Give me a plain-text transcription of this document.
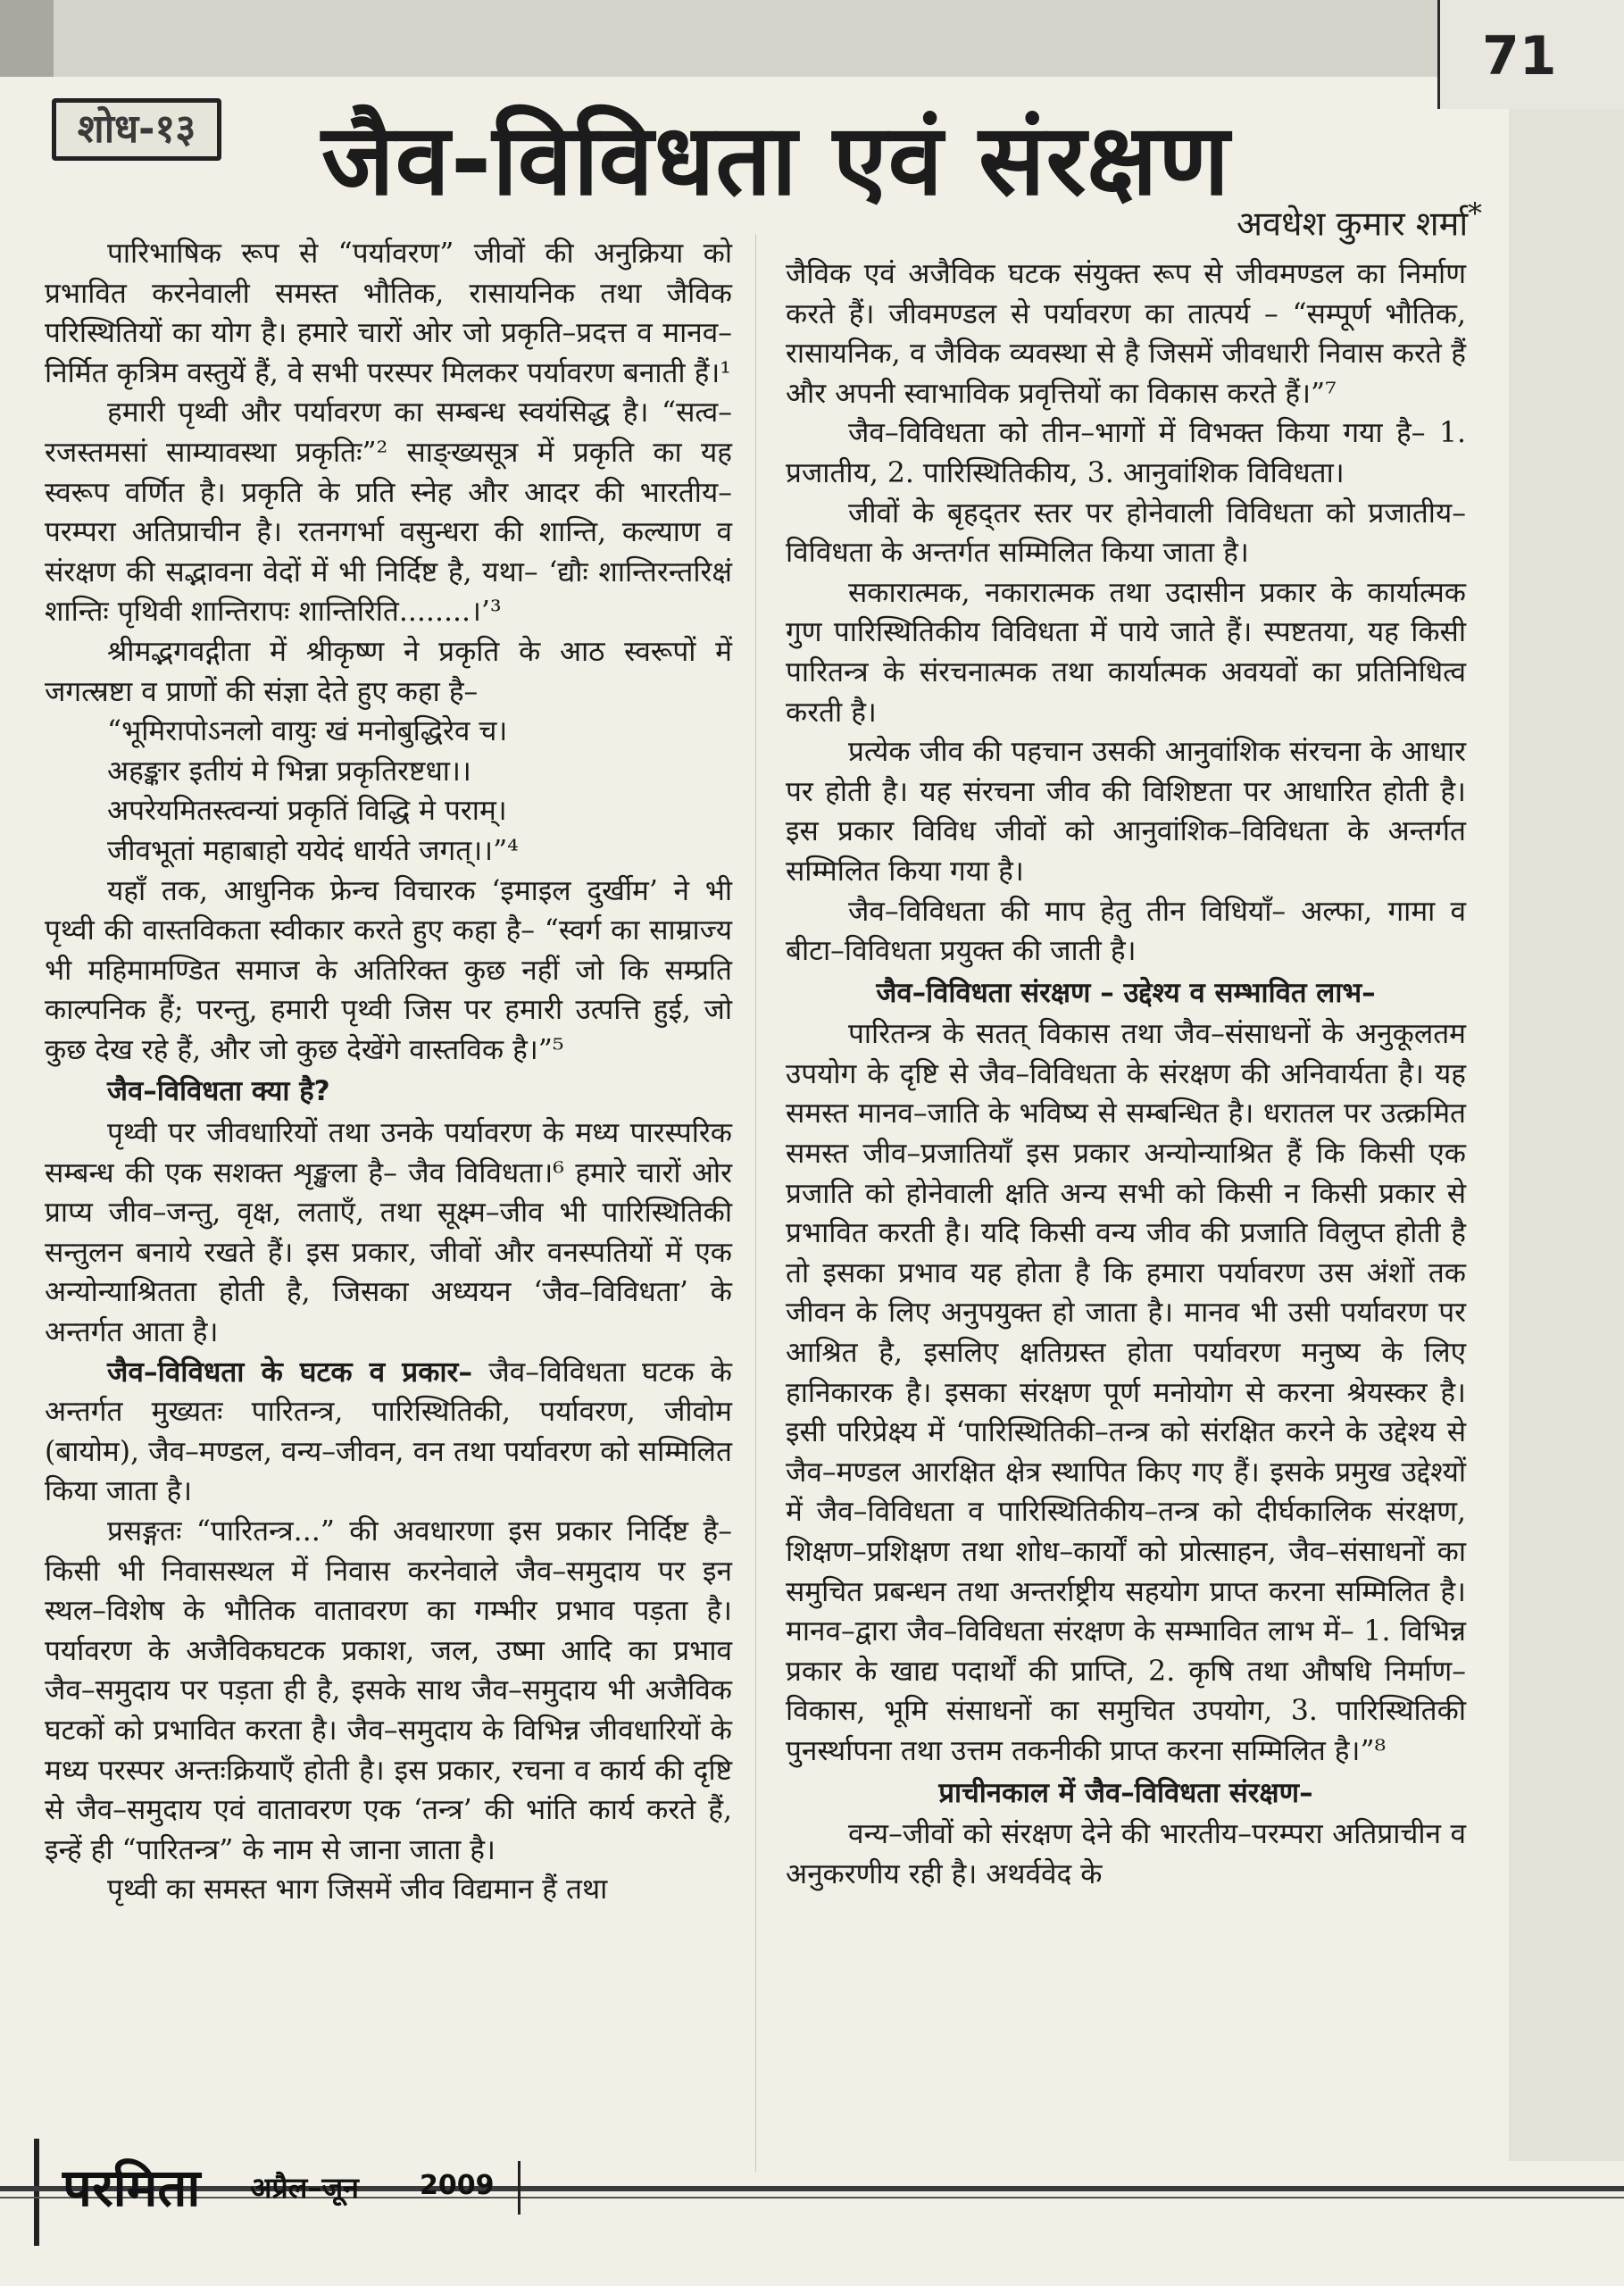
71
शोध-१३ जैव-विविधता एवं संरक्षण
अवधेश कुमार शर्मा*

पारिभाषिक रूप से “पर्यावरण” जीवों की अनुक्रिया को प्रभावित करनेवाली समस्त भौतिक, रासायनिक तथा जैविक परिस्थितियों का योग है। हमारे चारों ओर जो प्रकृति–प्रदत्त व मानव–निर्मित कृत्रिम वस्तुयें हैं, वे सभी परस्पर मिलकर पर्यावरण बनाती हैं।¹

हमारी पृथ्वी और पर्यावरण का सम्बन्ध स्वयंसिद्ध है। “सत्व–रजस्तमसां साम्यावस्था प्रकृतिः”² साङ्ख्यसूत्र में प्रकृति का यह स्वरूप वर्णित है। प्रकृति के प्रति स्नेह और आदर की भारतीय–परम्परा अतिप्राचीन है। रतनगर्भा वसुन्धरा की शान्ति, कल्याण व संरक्षण की सद्भावना वेदों में भी निर्दिष्ट है, यथा– ‘द्यौः शान्तिरन्तरिक्षं शान्तिः पृथिवी शान्तिरापः शान्तिरिति........।’³

श्रीमद्भगवद्गीता में श्रीकृष्ण ने प्रकृति के आठ स्वरूपों में जगत्स्रष्टा व प्राणों की संज्ञा देते हुए कहा है–

“भूमिरापोऽनलो वायुः खं मनोबुद्धिरेव च।

अहङ्कार इतीयं मे भिन्ना प्रकृतिरष्टधा।।

अपरेयमितस्त्वन्यां प्रकृतिं विद्धि मे पराम्।

जीवभूतां महाबाहो ययेदं धार्यते जगत्।।”⁴

यहाँ तक, आधुनिक फ्रेन्च विचारक ‘इमाइल दुर्खीम’ ने भी पृथ्वी की वास्तविकता स्वीकार करते हुए कहा है– “स्वर्ग का साम्राज्य भी महिमामण्डित समाज के अतिरिक्त कुछ नहीं जो कि सम्प्रति काल्पनिक हैं; परन्तु, हमारी पृथ्वी जिस पर हमारी उत्पत्ति हुई, जो कुछ देख रहे हैं, और जो कुछ देखेंगे वास्तविक है।”⁵

जैव–विविधता क्या है?

पृथ्वी पर जीवधारियों तथा उनके पर्यावरण के मध्य पारस्परिक सम्बन्ध की एक सशक्त शृङ्खला है– जैव विविधता।⁶ हमारे चारों ओर प्राप्य जीव–जन्तु, वृक्ष, लताएँ, तथा सूक्ष्म–जीव भी पारिस्थितिकी सन्तुलन बनाये रखते हैं। इस प्रकार, जीवों और वनस्पतियों में एक अन्योन्याश्रितता होती है, जिसका अध्ययन ‘जैव–विविधता’ के अन्तर्गत आता है।

जैव–विविधता के घटक व प्रकार– जैव–विविधता घटक के अन्तर्गत मुख्यतः पारितन्त्र, पारिस्थितिकी, पर्यावरण, जीवोम (बायोम), जैव–मण्डल, वन्य–जीवन, वन तथा पर्यावरण को सम्मिलित किया जाता है।

प्रसङ्गतः “पारितन्त्र...” की अवधारणा इस प्रकार निर्दिष्ट है– किसी भी निवासस्थल में निवास करनेवाले जैव–समुदाय पर इन स्थल–विशेष के भौतिक वातावरण का गम्भीर प्रभाव पड़ता है। पर्यावरण के अजैविकघटक प्रकाश, जल, उष्मा आदि का प्रभाव जैव–समुदाय पर पड़ता ही है, इसके साथ जैव–समुदाय भी अजैविक घटकों को प्रभावित करता है। जैव–समुदाय के विभिन्न जीवधारियों के मध्य परस्पर अन्तःक्रियाएँ होती है। इस प्रकार, रचना व कार्य की दृष्टि से जैव–समुदाय एवं वातावरण एक ‘तन्त्र’ की भांति कार्य करते हैं, इन्हें ही “पारितन्त्र” के नाम से जाना जाता है।

पृथ्वी का समस्त भाग जिसमें जीव विद्यमान हैं तथा

जैविक एवं अजैविक घटक संयुक्त रूप से जीवमण्डल का निर्माण करते हैं। जीवमण्डल से पर्यावरण का तात्पर्य – “सम्पूर्ण भौतिक, रासायनिक, व जैविक व्यवस्था से है जिसमें जीवधारी निवास करते हैं और अपनी स्वाभाविक प्रवृत्तियों का विकास करते हैं।”⁷

जैव–विविधता को तीन–भागों में विभक्त किया गया है– 1. प्रजातीय, 2. पारिस्थितिकीय, 3. आनुवांशिक विविधता।

जीवों के बृहद्तर स्तर पर होनेवाली विविधता को प्रजातीय–विविधता के अन्तर्गत सम्मिलित किया जाता है।

सकारात्मक, नकारात्मक तथा उदासीन प्रकार के कार्यात्मक गुण पारिस्थितिकीय विविधता में पाये जाते हैं। स्पष्टतया, यह किसी पारितन्त्र के संरचनात्मक तथा कार्यात्मक अवयवों का प्रतिनिधित्व करती है।

प्रत्येक जीव की पहचान उसकी आनुवांशिक संरचना के आधार पर होती है। यह संरचना जीव की विशिष्टता पर आधारित होती है। इस प्रकार विविध जीवों को आनुवांशिक–विविधता के अन्तर्गत सम्मिलित किया गया है।

जैव–विविधता की माप हेतु तीन विधियाँ– अल्फा, गामा व बीटा–विविधता प्रयुक्त की जाती है।

जैव–विविधता संरक्षण – उद्देश्य व सम्भावित लाभ–

पारितन्त्र के सतत् विकास तथा जैव–संसाधनों के अनुकूलतम उपयोग के दृष्टि से जैव–विविधता के संरक्षण की अनिवार्यता है। यह समस्त मानव–जाति के भविष्य से सम्बन्धित है। धरातल पर उत्क्रमित समस्त जीव–प्रजातियाँ इस प्रकार अन्योन्याश्रित हैं कि किसी एक प्रजाति को होनेवाली क्षति अन्य सभी को किसी न किसी प्रकार से प्रभावित करती है। यदि किसी वन्य जीव की प्रजाति विलुप्त होती है तो इसका प्रभाव यह होता है कि हमारा पर्यावरण उस अंशों तक जीवन के लिए अनुपयुक्त हो जाता है। मानव भी उसी पर्यावरण पर आश्रित है, इसलिए क्षतिग्रस्त होता पर्यावरण मनुष्य के लिए हानिकारक है। इसका संरक्षण पूर्ण मनोयोग से करना श्रेयस्कर है। इसी परिप्रेक्ष्य में ‘पारिस्थितिकी–तन्त्र को संरक्षित करने के उद्देश्य से जैव–मण्डल आरक्षित क्षेत्र स्थापित किए गए हैं। इसके प्रमुख उद्देश्यों में जैव–विविधता व पारिस्थितिकीय–तन्त्र को दीर्घकालिक संरक्षण, शिक्षण–प्रशिक्षण तथा शोध–कार्यों को प्रोत्साहन, जैव–संसाधनों का समुचित प्रबन्धन तथा अन्तर्राष्ट्रीय सहयोग प्राप्त करना सम्मिलित है। मानव–द्वारा जैव–विविधता संरक्षण के सम्भावित लाभ में– 1. विभिन्न प्रकार के खाद्य पदार्थों की प्राप्ति, 2. कृषि तथा औषधि निर्माण–विकास, भूमि संसाधनों का समुचित उपयोग, 3. पारिस्थितिकी पुनर्स्थापना तथा उत्तम तकनीकी प्राप्त करना सम्मिलित है।”⁸

प्राचीनकाल में जैव–विविधता संरक्षण–

वन्य–जीवों को संरक्षण देने की भारतीय–परम्परा अतिप्राचीन व अनुकरणीय रही है। अथर्ववेद के

परमिता अप्रैल–जून 2009
